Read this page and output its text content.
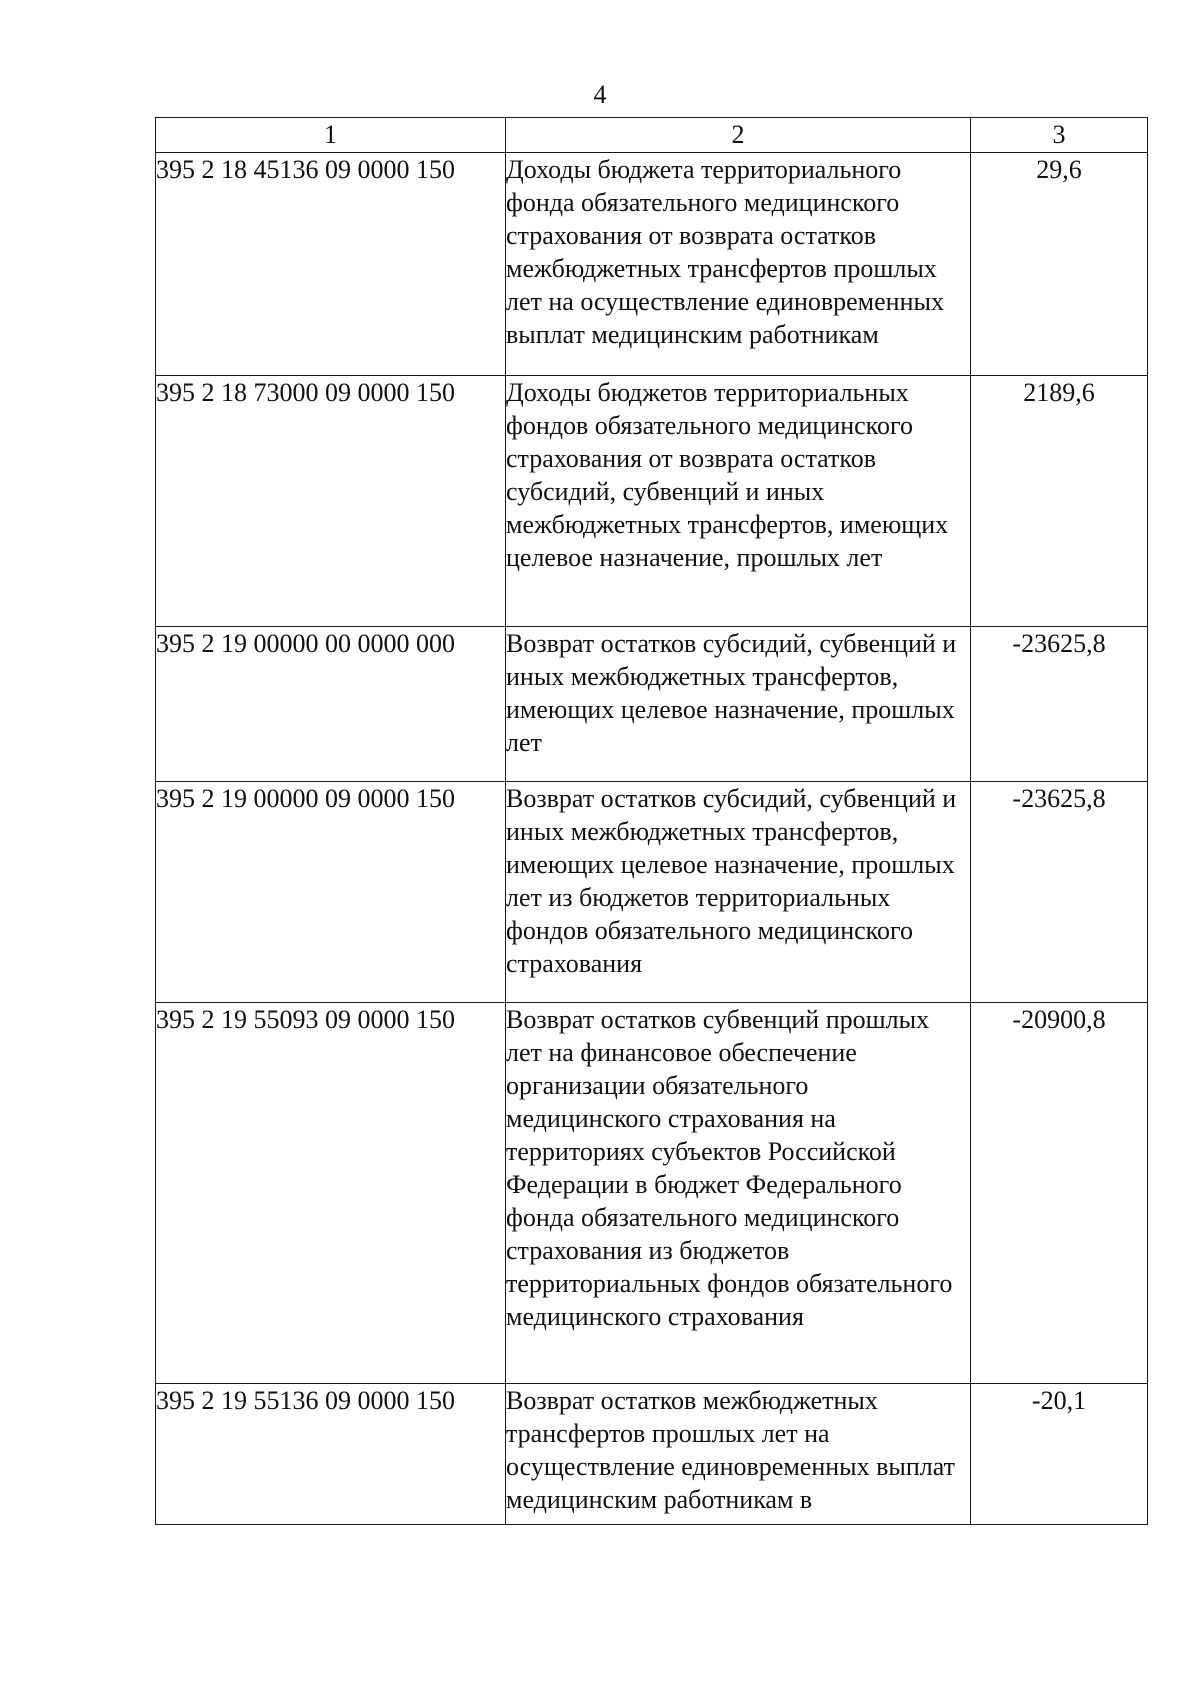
4
1	2	3
395 2 18 45136 09 0000 150	Доходы бюджета территориального фонда обязательного медицинского страхования от возврата остатков межбюджетных трансфертов прошлых лет на осуществление единовременных выплат медицинским работникам	29,6
395 2 18 73000 09 0000 150	Доходы бюджетов территориальных фондов обязательного медицинского страхования от возврата остатков субсидий, субвенций и иных межбюджетных трансфертов, имеющих целевое назначение, прошлых лет	2189,6
395 2 19 00000 00 0000 000	Возврат остатков субсидий, субвенций и иных межбюджетных трансфертов, имеющих целевое назначение, прошлых лет	-23625,8
395 2 19 00000 09 0000 150	Возврат остатков субсидий, субвенций и иных межбюджетных трансфертов, имеющих целевое назначение, прошлых лет из бюджетов территориальных фондов обязательного медицинского страхования	-23625,8
395 2 19 55093 09 0000 150	Возврат остатков субвенций прошлых лет на финансовое обеспечение организации обязательного медицинского страхования на территориях субъектов Российской Федерации в бюджет Федерального фонда обязательного медицинского страхования из бюджетов территориальных фондов обязательного медицинского страхования	-20900,8
395 2 19 55136 09 0000 150	Возврат остатков межбюджетных трансфертов прошлых лет на осуществление единовременных выплат медицинским работникам в	-20,1
